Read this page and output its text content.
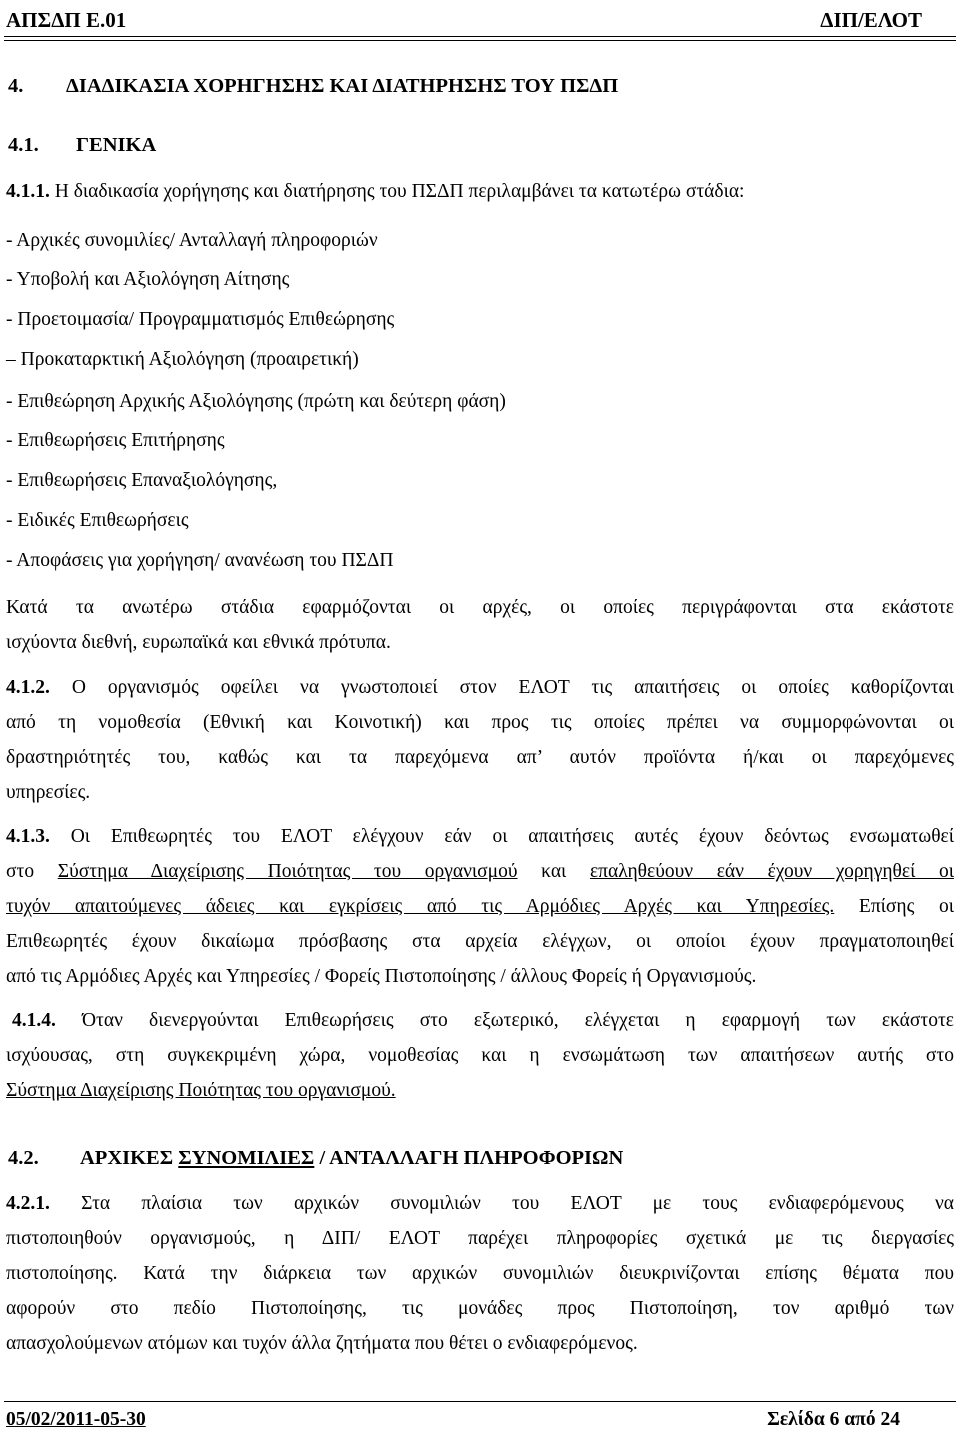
ΑΠΣΔΠ Ε.01	ΔΙΠ/ΕΛΟΤ
4. ΔΙΑΔΙΚΑΣΙΑ ΧΟΡΗΓΗΣΗΣ ΚΑΙ ΔΙΑΤΗΡΗΣΗΣ ΤΟΥ ΠΣΔΠ
4.1. ΓΕΝΙΚΑ
4.1.1. Η διαδικασία χορήγησης και διατήρησης του ΠΣΔΠ περιλαμβάνει τα κατωτέρω στάδια:
- Αρχικές συνομιλίες/ Ανταλλαγή πληροφοριών
- Υποβολή και Αξιολόγηση Αίτησης
- Προετοιμασία/ Προγραμματισμός Επιθεώρησης
– Προκαταρκτική Αξιολόγηση (προαιρετική)
- Επιθεώρηση Αρχικής Αξιολόγησης (πρώτη και δεύτερη φάση)
- Επιθεωρήσεις Επιτήρησης
- Επιθεωρήσεις Επαναξιολόγησης,
- Ειδικές Επιθεωρήσεις
- Αποφάσεις για χορήγηση/ ανανέωση του ΠΣΔΠ
Κατά τα ανωτέρω στάδια εφαρμόζονται οι αρχές, οι οποίες περιγράφονται στα εκάστοτε
ισχύοντα διεθνή, ευρωπαϊκά και εθνικά πρότυπα.
4.1.2. Ο οργανισμός οφείλει να γνωστοποιεί στον ΕΛΟΤ τις απαιτήσεις οι οποίες καθορίζονται
από τη νομοθεσία (Εθνική και Κοινοτική) και προς τις οποίες πρέπει να συμμορφώνονται οι
δραστηριότητές του, καθώς και τα παρεχόμενα απ’ αυτόν προϊόντα ή/και οι παρεχόμενες
υπηρεσίες.
4.1.3. Οι Επιθεωρητές του ΕΛΟΤ ελέγχουν εάν οι απαιτήσεις αυτές έχουν δεόντως ενσωματωθεί
στο Σύστημα Διαχείρισης Ποιότητας του οργανισμού και επαληθεύουν εάν έχουν χορηγηθεί οι
τυχόν απαιτούμενες άδειες και εγκρίσεις από τις Αρμόδιες Αρχές και Υπηρεσίες. Επίσης οι
Επιθεωρητές έχουν δικαίωμα πρόσβασης στα αρχεία ελέγχων, οι οποίοι έχουν πραγματοποιηθεί
από τις Αρμόδιες Αρχές και Υπηρεσίες / Φορείς Πιστοποίησης / άλλους Φορείς ή Οργανισμούς.
4.1.4. Όταν διενεργούνται Επιθεωρήσεις στο εξωτερικό, ελέγχεται η εφαρμογή των εκάστοτε
ισχύουσας, στη συγκεκριμένη χώρα, νομοθεσίας και η ενσωμάτωση των απαιτήσεων αυτής στο
Σύστημα Διαχείρισης Ποιότητας του οργανισμού.
4.2. ΑΡΧΙΚΕΣ ΣΥΝΟΜΙΛΙΕΣ / ΑΝΤΑΛΛΑΓΗ ΠΛΗΡΟΦΟΡΙΩΝ
4.2.1. Στα πλαίσια των αρχικών συνομιλιών του ΕΛΟΤ με τους ενδιαφερόμενους να
πιστοποιηθούν οργανισμούς, η ΔΙΠ/ ΕΛΟΤ παρέχει πληροφορίες σχετικά με τις διεργασίες
πιστοποίησης. Κατά την διάρκεια των αρχικών συνομιλιών διευκρινίζονται επίσης θέματα που
αφορούν στο πεδίο Πιστοποίησης, τις μονάδες προς Πιστοποίηση, τον αριθμό των
απασχολούμενων ατόμων και τυχόν άλλα ζητήματα που θέτει ο ενδιαφερόμενος.
05/02/2011-05-30	Σελίδα 6 από 24
